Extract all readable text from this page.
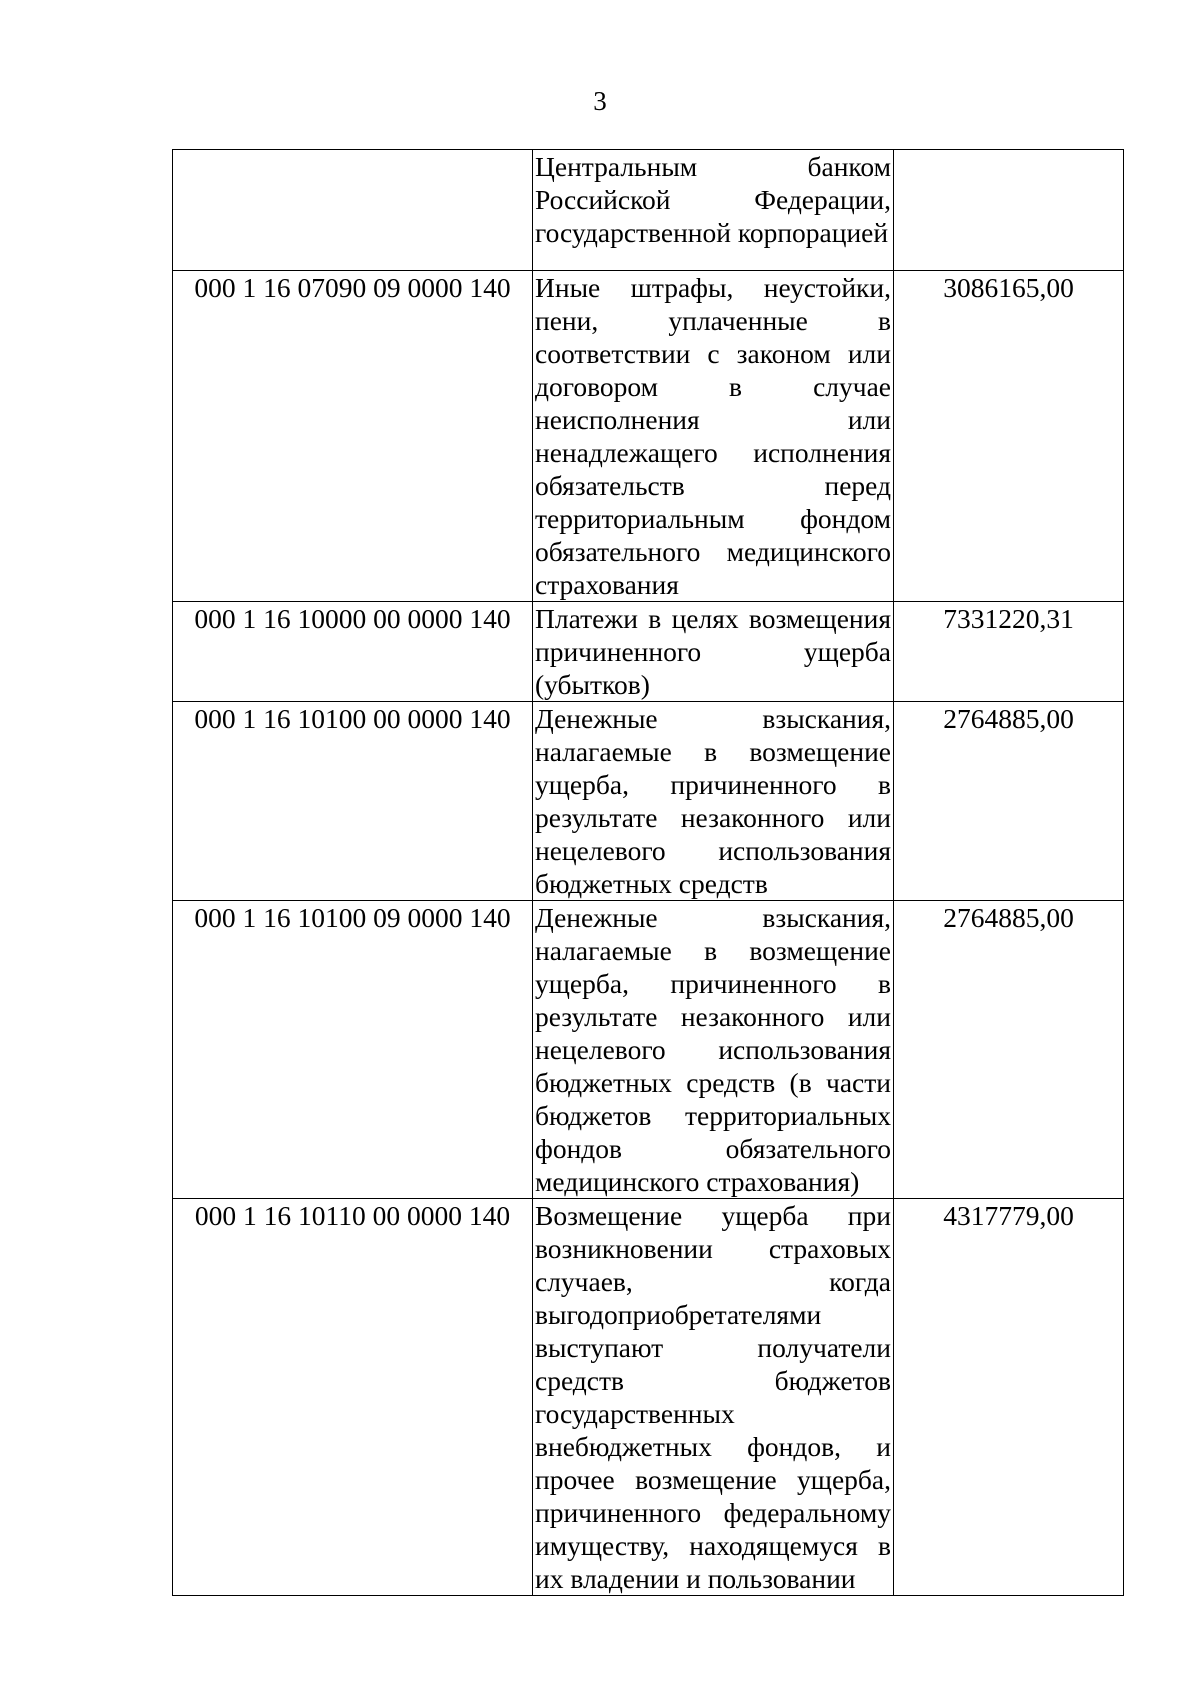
3
	Центральным банком Российской Федерации, государственной корпорацией	
000 1 16 07090 09 0000 140	Иные штрафы, неустойки, пени, уплаченные в соответствии с законом или договором в случае неисполнения или ненадлежащего исполнения обязательств перед территориальным фондом обязательного медицинского страхования	3086165,00
000 1 16 10000 00 0000 140	Платежи в целях возмещения причиненного ущерба (убытков)	7331220,31
000 1 16 10100 00 0000 140	Денежные взыскания, налагаемые в возмещение ущерба, причиненного в результате незаконного или нецелевого использования бюджетных средств	2764885,00
000 1 16 10100 09 0000 140	Денежные взыскания, налагаемые в возмещение ущерба, причиненного в результате незаконного или нецелевого использования бюджетных средств (в части бюджетов территориальных фондов обязательного медицинского страхования)	2764885,00
000 1 16 10110 00 0000 140	Возмещение ущерба при возникновении страховых случаев, когда выгодоприобретателями выступают получатели средств бюджетов государственных внебюджетных фондов, и прочее возмещение ущерба, причиненного федеральному имуществу, находящемуся в их владении и пользовании	4317779,00
